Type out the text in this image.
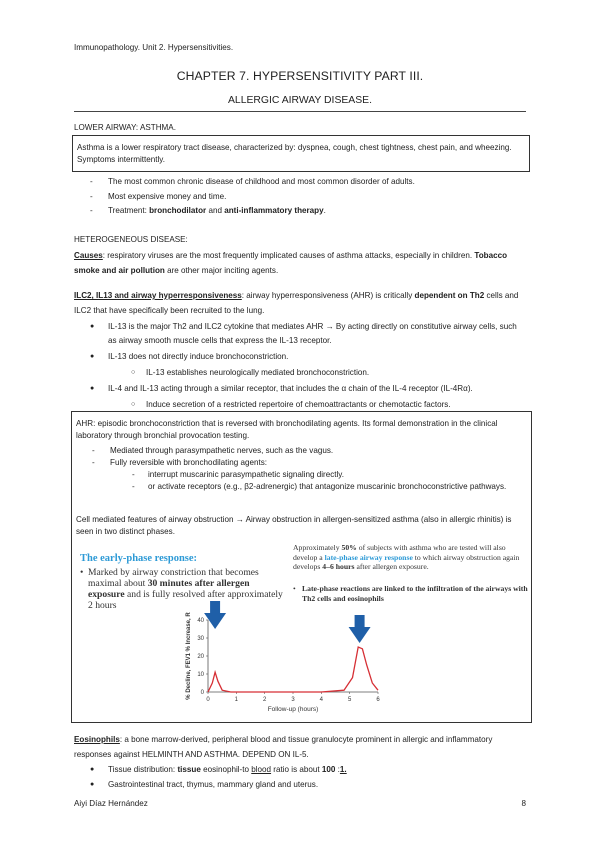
Immunopathology. Unit 2. Hypersensitivities.
CHAPTER 7. HYPERSENSITIVITY PART III.
ALLERGIC AIRWAY DISEASE.
LOWER AIRWAY: ASTHMA.
Asthma is a lower respiratory tract disease, characterized by: dyspnea, cough, chest tightness, chest pain, and wheezing. Symptoms intermittently.
- The most common chronic disease of childhood and most common disorder of adults.
- Most expensive money and time.
- Treatment: bronchodilator and anti-inflammatory therapy.
HETEROGENEOUS DISEASE:
Causes: respiratory viruses are the most frequently implicated causes of asthma attacks, especially in children. Tobacco smoke and air pollution are other major inciting agents.
ILC2, IL13 and airway hyperresponsiveness: airway hyperresponsiveness (AHR) is critically dependent on Th2 cells and ILC2 that have specifically been recruited to the lung.
● IL-13 is the major Th2 and ILC2 cytokine that mediates AHR → By acting directly on constitutive airway cells, such as airway smooth muscle cells that express the IL-13 receptor.
● IL-13 does not directly induce bronchoconstriction.
○ IL-13 establishes neurologically mediated bronchoconstriction.
● IL-4 and IL-13 acting through a similar receptor, that includes the α chain of the IL-4 receptor (IL-4Rα).
○ Induce secretion of a restricted repertoire of chemoattractants or chemotactic factors.
AHR: episodic bronchoconstriction that is reversed with bronchodilating agents. Its formal demonstration in the clinical laboratory through bronchial provocation testing.
- Mediated through parasympathetic nerves, such as the vagus.
- Fully reversible with bronchodilating agents:
- interrupt muscarinic parasympathetic signaling directly.
- or activate receptors (e.g., β2-adrenergic) that antagonize muscarinic bronchoconstrictive pathways.
Cell mediated features of airway obstruction → Airway obstruction in allergen-sensitized asthma (also in allergic rhinitis) is seen in two distinct phases.
The early-phase response:
• Marked by airway constriction that becomes maximal about 30 minutes after allergen exposure and is fully resolved after approximately 2 hours
Approximately 50% of subjects with asthma who are tested will also develop a late-phase airway response to which airway obstruction again develops 4–6 hours after allergen exposure.
• Late-phase reactions are linked to the infiltration of the airways with Th2 cells and eosinophils
0	1	2	3	4	5	6
0
10
20
30
40
Follow-up (hours)
% Decline, FEV1 % Increase, R
Eosinophils: a bone marrow-derived, peripheral blood and tissue granulocyte prominent in allergic and inflammatory responses against HELMINTH AND ASTHMA. DEPEND ON IL-5.
● Tissue distribution: tissue eosinophil-to blood ratio is about 100 :1.
● Gastrointestinal tract, thymus, mammary gland and uterus.
Aiyi Díaz Hernández	8
